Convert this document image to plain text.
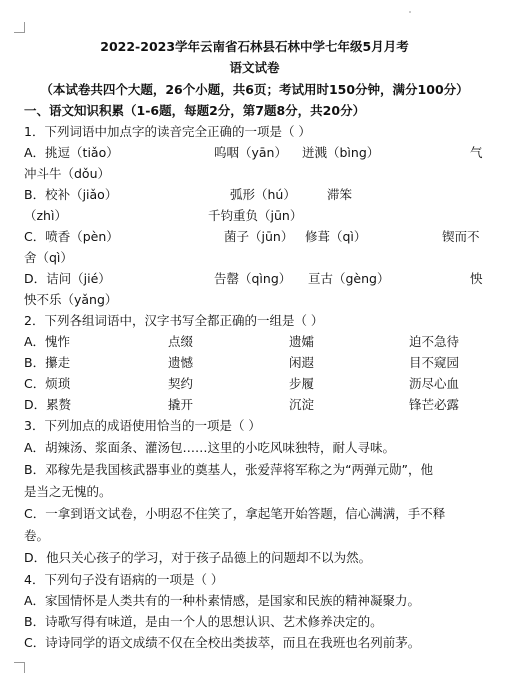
2022-2023学年云南省石林县石林中学七年级5月月考
语文试卷
（本试卷共四个大题，26个小题，共6页；考试用时150分钟，满分100分）
一、语文知识积累（1-6题，每题2分，第7题8分，共20分）
1．下列词语中加点字的读音完全正确的一项是（ ）
A．挑逗（tiǎo）	呜咽（yān） 迸溅（bìng）	气
冲斗牛（dǒu）
B．校补（jiǎo）	弧形（hú） 滞笨
（zhì）	千钧重负（jūn）
C．喷香（pèn）	菌子（jūn） 修葺（qì）	锲而不
舍（qì）
D．诘问（jié）	告罄（qìng） 亘古（gèng）	怏
怏不乐（yǎng）
2．下列各组词语中，汉字书写全都正确的一组是（ ）
A．愧怍	点缀	遗孀	迫不急待
B．攥走	遗憾	闲遐	目不窥园
C．烦琐	契约	步履	沥尽心血
D．累赘	撬开	沉淀	锋芒必露
3．下列加点的成语使用恰当的一项是（ ）
A．胡辣汤、浆面条、灌汤包……这里的小吃风味独特，耐人寻味。
B．邓稼先是我国核武器事业的奠基人，张爱萍将军称之为“两弹元勋”，他
是当之无愧的。
C．一拿到语文试卷，小明忍不住笑了，拿起笔开始答题，信心满满，手不释
卷。
D．他只关心孩子的学习，对于孩子品德上的问题却不以为然。
4．下列句子没有语病的一项是（ ）
A．家国情怀是人类共有的一种朴素情感，是国家和民族的精神凝聚力。
B．诗歌写得有味道，是由一个人的思想认识、艺术修养决定的。
C．诗诗同学的语文成绩不仅在全校出类拔萃，而且在我班也名列前茅。
